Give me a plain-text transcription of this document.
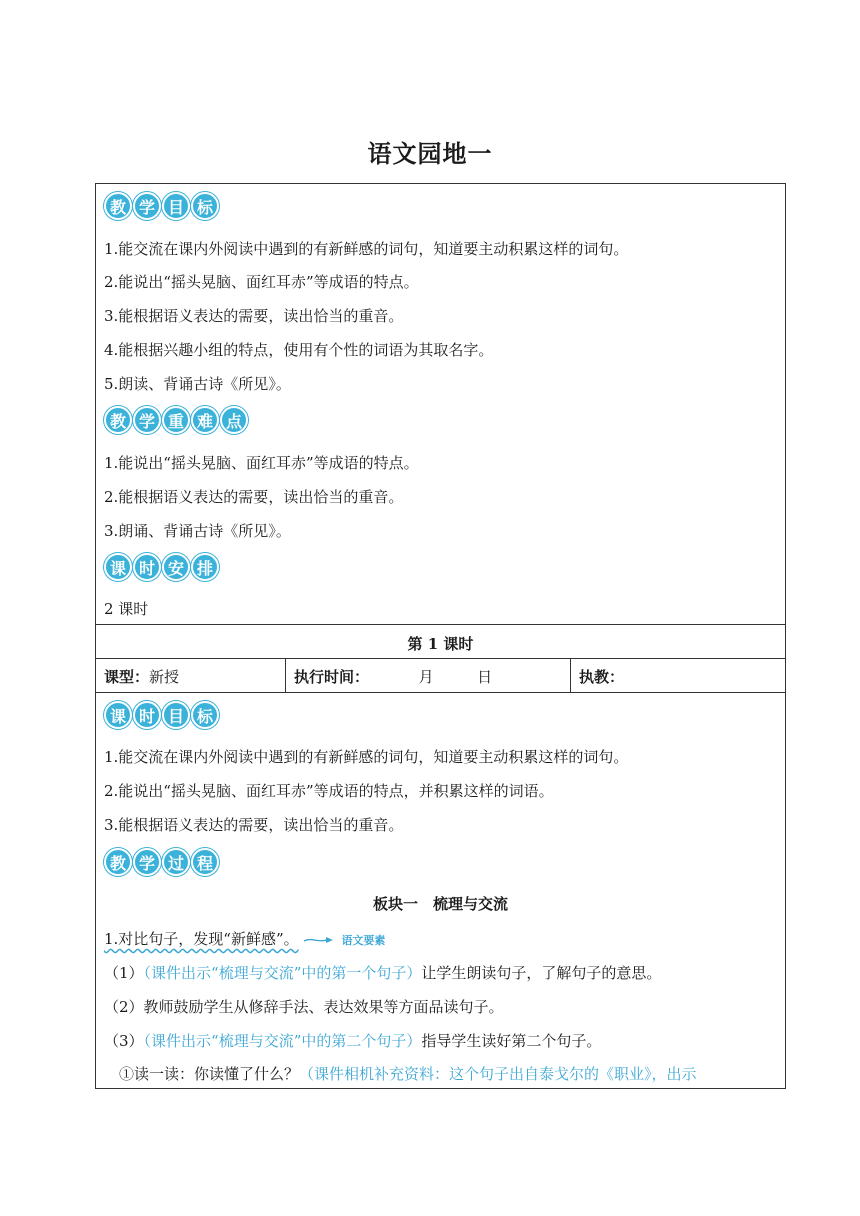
语文园地一
教 学 目 标
1.能交流在课内外阅读中遇到的有新鲜感的词句，知道要主动积累这样的词句。
2.能说出“摇头晃脑、面红耳赤”等成语的特点。
3.能根据语义表达的需要，读出恰当的重音。
4.能根据兴趣小组的特点，使用有个性的词语为其取名字。
5.朗读、背诵古诗《所见》。
教 学 重 难 点
1.能说出“摇头晃脑、面红耳赤”等成语的特点。
2.能根据语义表达的需要，读出恰当的重音。
3.朗诵、背诵古诗《所见》。
课 时 安 排
2 课时
第 1 课时
课型：新授	执行时间：	月	日	执教：
课 时 目 标
1.能交流在课内外阅读中遇到的有新鲜感的词句，知道要主动积累这样的词句。
2.能说出“摇头晃脑、面红耳赤”等成语的特点，并积累这样的词语。
3.能根据语义表达的需要，读出恰当的重音。
教 学 过 程
板块一　梳理与交流
1.对比句子，发现“新鲜感”。	语文要素
（1）（课件出示“梳理与交流”中的第一个句子）让学生朗读句子，了解句子的意思。
（2）教师鼓励学生从修辞手法、表达效果等方面品读句子。
（3）（课件出示“梳理与交流”中的第二个句子）指导学生读好第二个句子。
①读一读：你读懂了什么？（课件相机补充资料：这个句子出自泰戈尔的《职业》，出示
